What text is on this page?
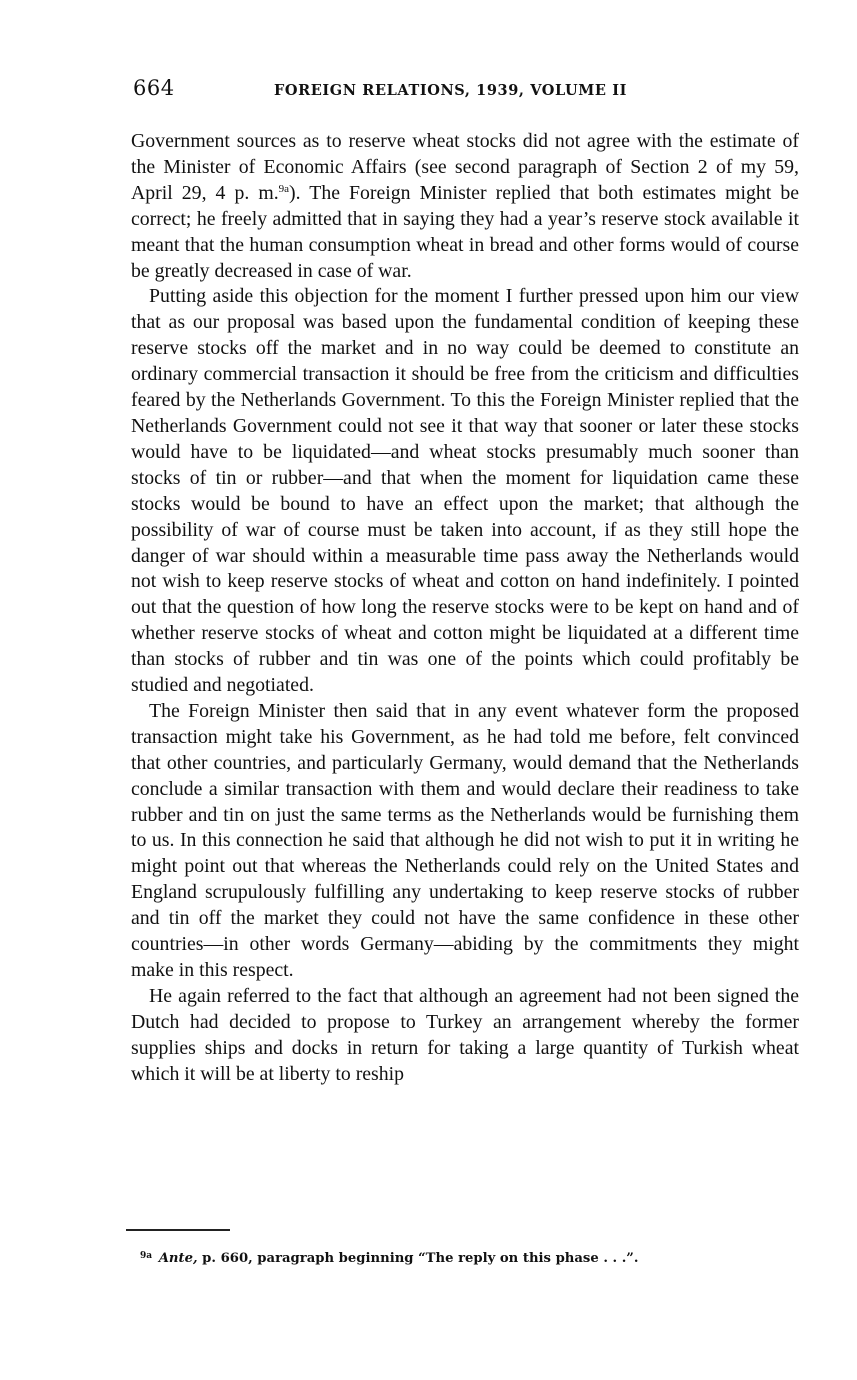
664	FOREIGN RELATIONS, 1939, VOLUME II

Government sources as to reserve wheat stocks did not agree with the estimate of the Minister of Economic Affairs (see second paragraph of Section 2 of my 59, April 29, 4 p. m.$^{9a}$). The Foreign Minister replied that both estimates might be correct; he freely admitted that in saying they had a year’s reserve stock available it meant that the human consumption wheat in bread and other forms would of course be greatly decreased in case of war.

Putting aside this objection for the moment I further pressed upon him our view that as our proposal was based upon the fundamental condition of keeping these reserve stocks off the market and in no way could be deemed to constitute an ordinary commercial transaction it should be free from the criticism and difficulties feared by the Netherlands Government. To this the Foreign Minister replied that the Netherlands Government could not see it that way that sooner or later these stocks would have to be liquidated—and wheat stocks presumably much sooner than stocks of tin or rubber—and that when the moment for liquidation came these stocks would be bound to have an effect upon the market; that although the possibility of war of course must be taken into account, if as they still hope the danger of war should within a measurable time pass away the Netherlands would not wish to keep reserve stocks of wheat and cotton on hand indefinitely. I pointed out that the question of how long the reserve stocks were to be kept on hand and of whether reserve stocks of wheat and cotton might be liquidated at a different time than stocks of rubber and tin was one of the points which could profitably be studied and negotiated.

The Foreign Minister then said that in any event whatever form the proposed transaction might take his Government, as he had told me before, felt convinced that other countries, and particularly Germany, would demand that the Netherlands conclude a similar transaction with them and would declare their readiness to take rubber and tin on just the same terms as the Netherlands would be furnishing them to us. In this connection he said that although he did not wish to put it in writing he might point out that whereas the Netherlands could rely on the United States and England scrupulously fulfilling any undertaking to keep reserve stocks of rubber and tin off the market they could not have the same confidence in these other countries—in other words Germany—abiding by the commitments they might make in this respect.

He again referred to the fact that although an agreement had not been signed the Dutch had decided to propose to Turkey an arrangement whereby the former supplies ships and docks in return for taking a large quantity of Turkish wheat which it will be at liberty to reship

$^{9a}$ Ante, p. 660, paragraph beginning “The reply on this phase . . .”.
